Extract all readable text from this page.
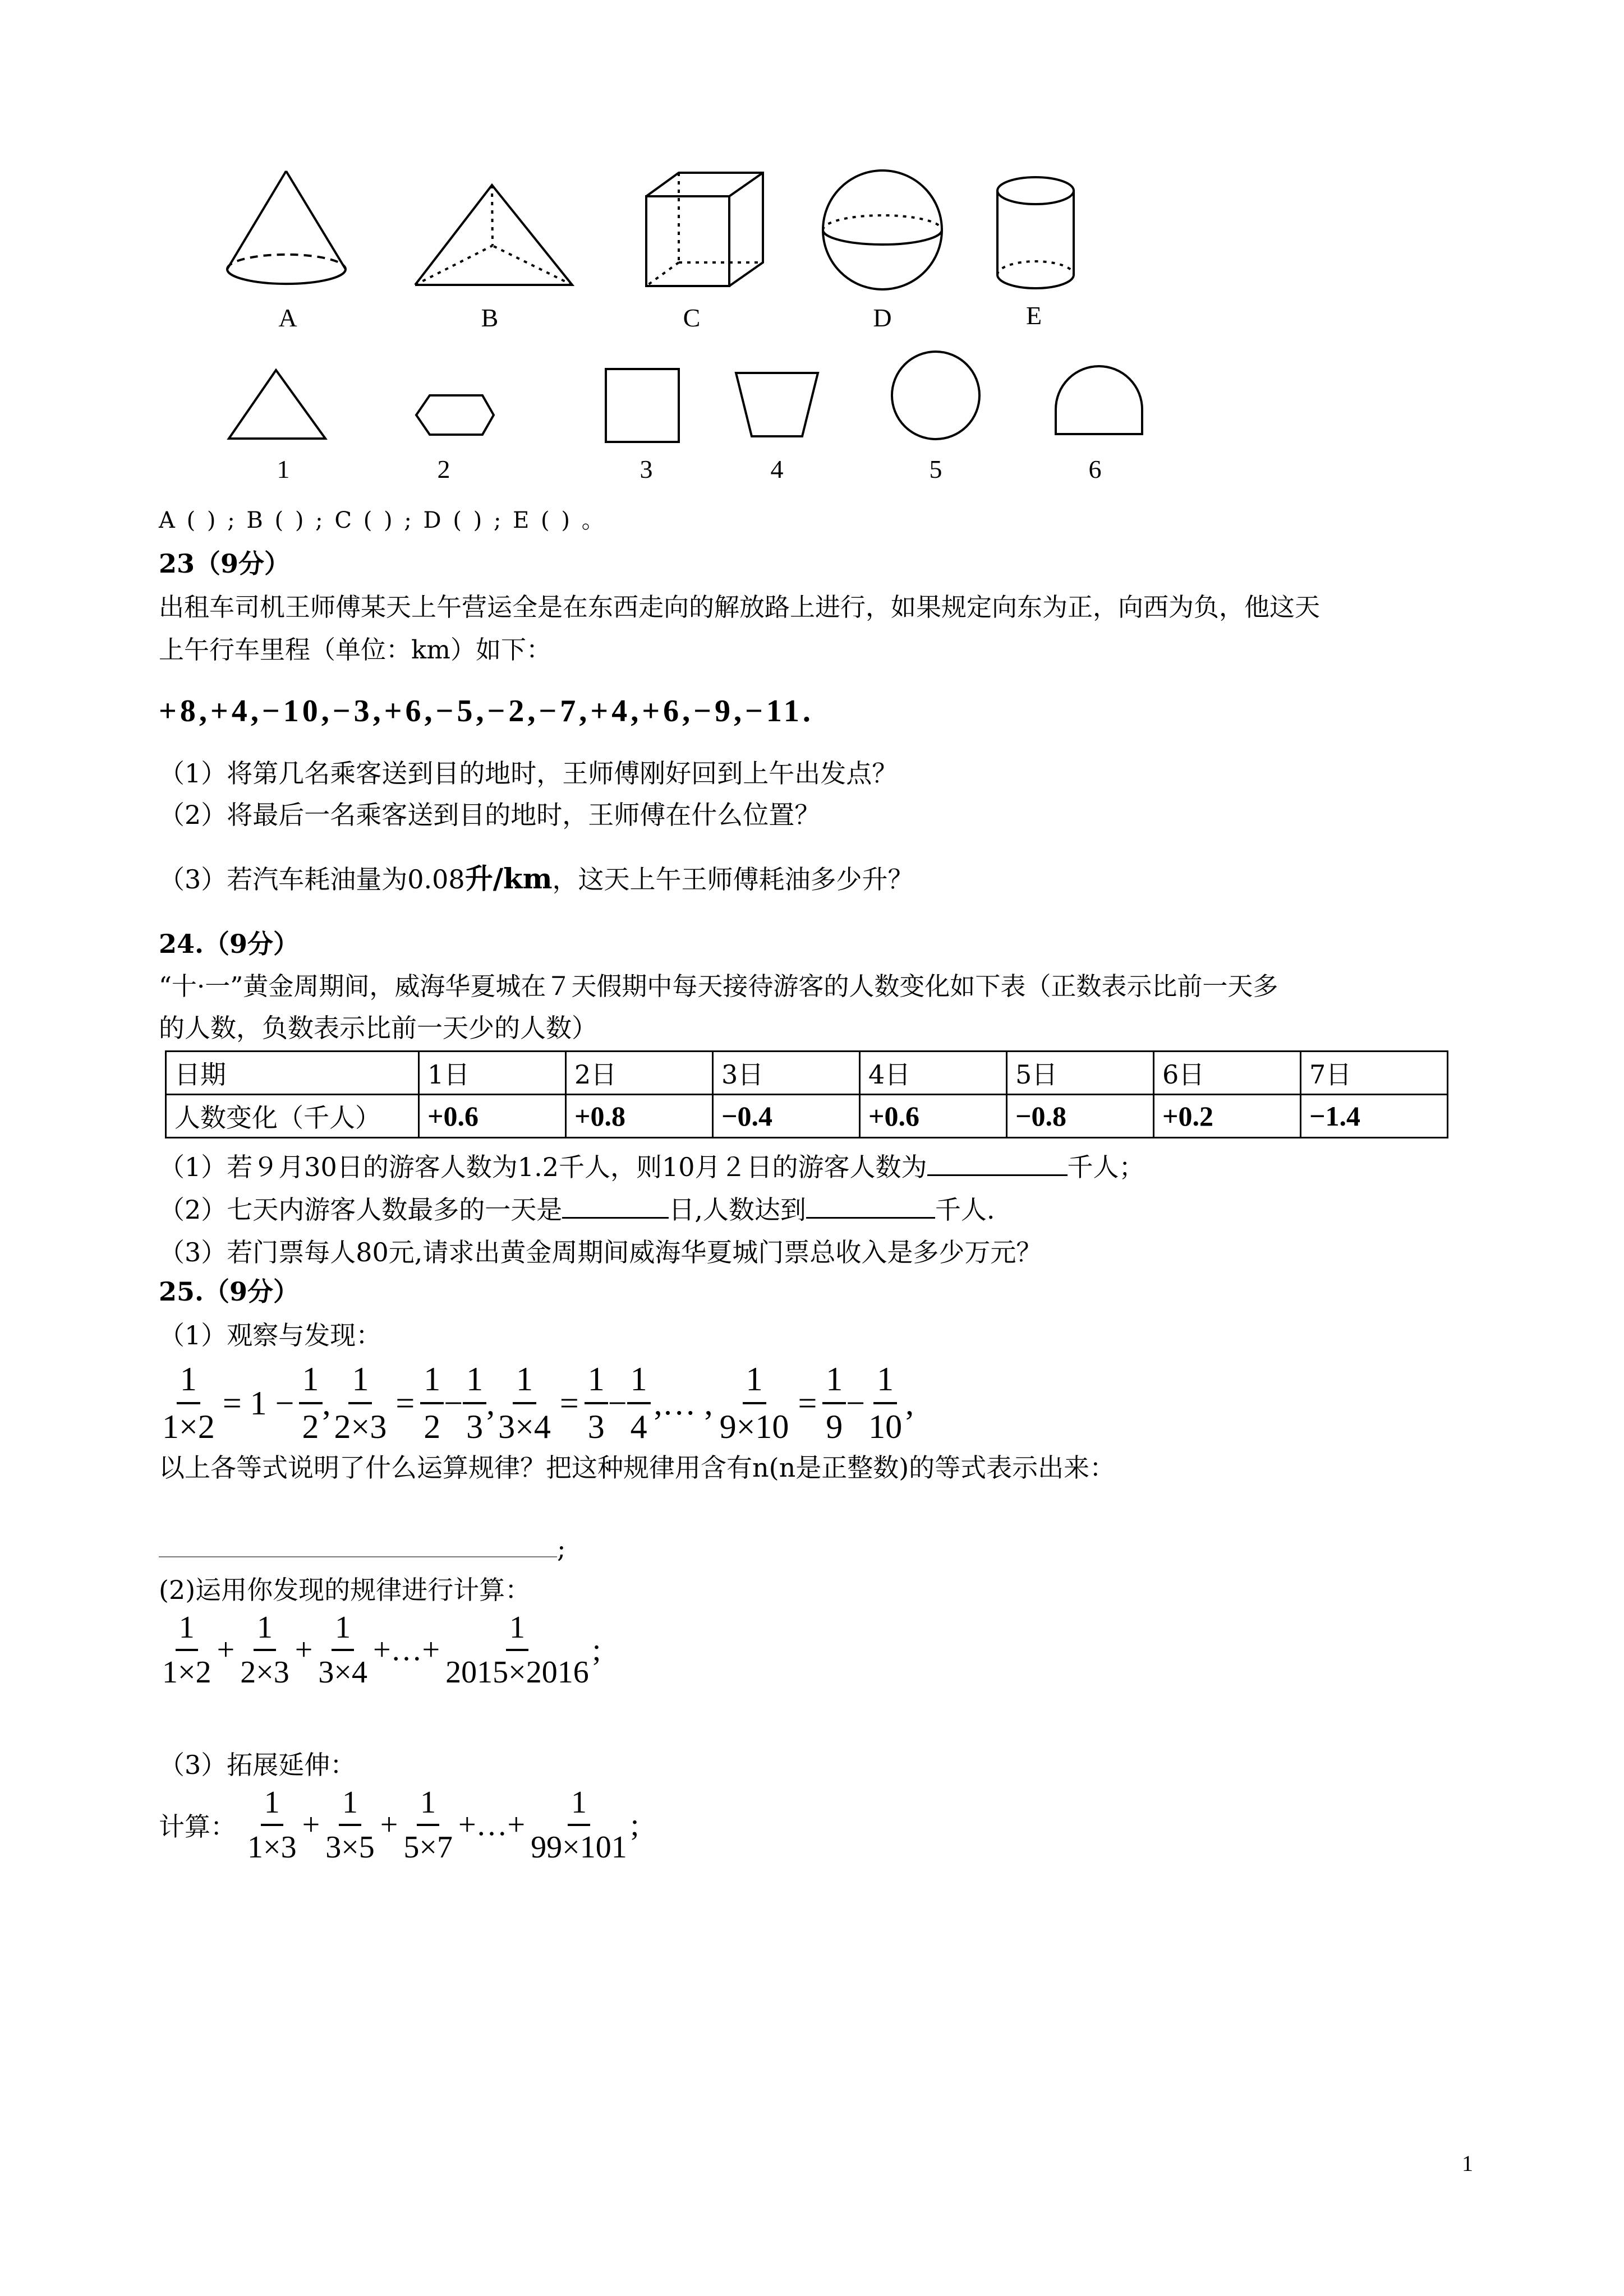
A	B	C	D	E
1	2	3	4	5	6
A ( ) ; B ( ) ; C ( ) ; D ( ) ; E ( ) 。
23（9分）
出租车司机王师傅某天上午营运全是在东西走向的解放路上进行，如果规定向东为正，向西为负，他这天
上午行车里程（单位：km）如下：
+8,+4,−10,−3,+6,−5,−2,−7,+4,+6,−9,−11.
（1）将第几名乘客送到目的地时，王师傅刚好回到上午出发点？
（2）将最后一名乘客送到目的地时，王师傅在什么位置？
（3）若汽车耗油量为0.08升/km，这天上午王师傅耗油多少升？
24.（9分）
“十·一”黄金周期间，威海华夏城在７天假期中每天接待游客的人数变化如下表（正数表示比前一天多
的人数，负数表示比前一天少的人数）
日期	1日	2日	3日	4日	5日	6日	7日
人数变化（千人）	+0.6	+0.8	−0.4	+0.6	−0.8	+0.2	−1.4
（1）若９月30日的游客人数为1.2千人，则10月２日的游客人数为	千人；
（2）七天内游客人数最多的一天是	日,人数达到	千人.
（3）若门票每人80元,请求出黄金周期间威海华夏城门票总收入是多少万元？
25.（9分）
（1）观察与发现：
$\frac{1}{1\times 2} = 1 - \frac{1}{2}$ , $\frac{1}{2\times 3} = \frac{1}{2} - \frac{1}{3}$ , $\frac{1}{3\times 4} = \frac{1}{3} - \frac{1}{4}$ ,… , $\frac{1}{9\times 10} = \frac{1}{9} - \frac{1}{10}$ ,
以上各等式说明了什么运算规律？把这种规律用含有n(n是正整数)的等式表示出来：
;
(2)运用你发现的规律进行计算：
$\frac{1}{1\times 2} + \frac{1}{2\times 3} + \frac{1}{3\times 4}$ +…+ $\frac{1}{2015\times 2016}$ ;
（3）拓展延伸：
计算： $\frac{1}{1\times 3} + \frac{1}{3\times 5} + \frac{1}{5\times 7}$ +…+ $\frac{1}{99\times 101}$ ;
1
